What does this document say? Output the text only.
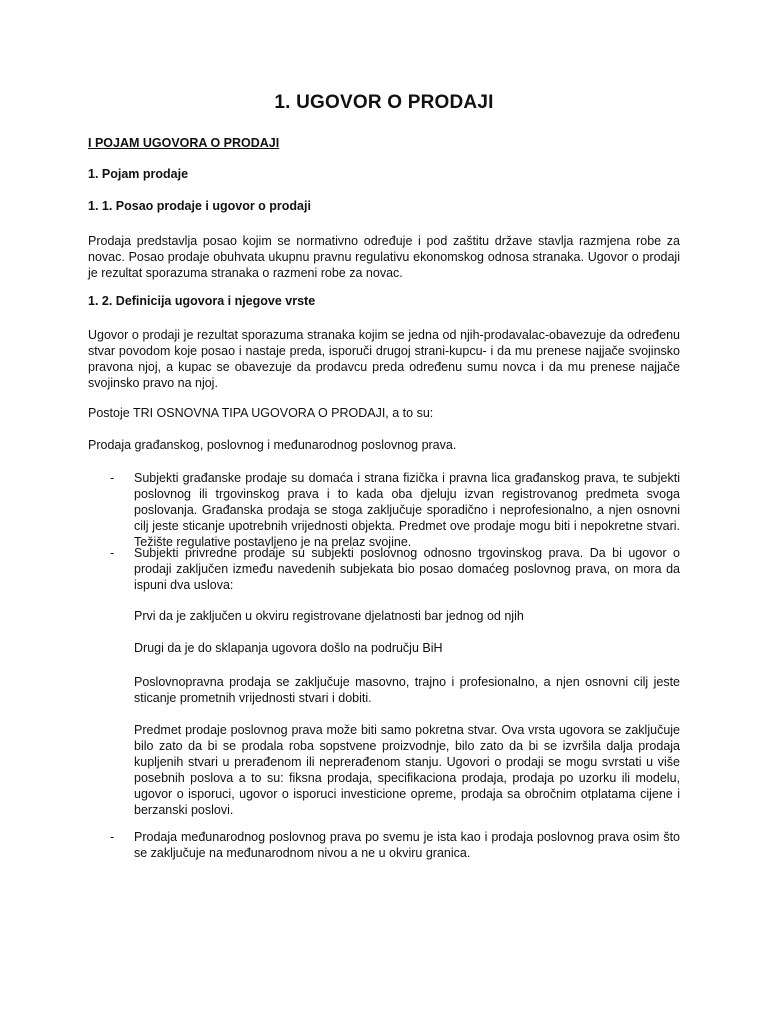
1. UGOVOR O PRODAJI

I POJAM UGOVORA O PRODAJI

1. Pojam prodaje

1. 1. Posao prodaje i ugovor o prodaji

Prodaja predstavlja posao kojim se normativno određuje i pod zaštitu države stavlja razmjena robe za novac. Posao prodaje obuhvata ukupnu pravnu regulativu ekonomskog odnosa stranaka. Ugovor o prodaji je rezultat sporazuma stranaka o razmeni robe za novac.

1. 2. Definicija ugovora i njegove vrste

Ugovor o prodaji je rezultat sporazuma stranaka kojim se jedna od njih-prodavalac-obavezuje da određenu stvar povodom koje posao i nastaje preda, isporuči drugoj strani-kupcu- i da mu prenese najjače svojinsko pravona njoj, a kupac se obavezuje da prodavcu preda određenu sumu novca i da mu prenese najjače svojinsko pravo na njoj.

Postoje TRI OSNOVNA TIPA UGOVORA O PRODAJI, a to su:

Prodaja građanskog, poslovnog i međunarodnog poslovnog prava.

- Subjekti građanske prodaje su domaća i strana fizička i pravna lica građanskog prava, te subjekti poslovnog ili trgovinskog prava i to kada oba djeluju izvan registrovanog predmeta svoga poslovanja. Građanska prodaja se stoga zaključuje sporadično i neprofesionalno, a njen osnovni cilj jeste sticanje upotrebnih vrijednosti objekta. Predmet ove prodaje mogu biti i nepokretne stvari. Težište regulative postavljeno je na prelaz svojine.

- Subjekti privredne prodaje su subjekti poslovnog odnosno trgovinskog prava. Da bi ugovor o prodaji zaključen između navedenih subjekata bio posao domaćeg poslovnog prava, on mora da ispuni dva uslova:

Prvi da je zaključen u okviru registrovane djelatnosti bar jednog od njih

Drugi da je do sklapanja ugovora došlo na području BiH

Poslovnopravna prodaja se zaključuje masovno, trajno i profesionalno, a njen osnovni cilj jeste sticanje prometnih vrijednosti stvari i dobiti.

Predmet prodaje poslovnog prava može biti samo pokretna stvar. Ova vrsta ugovora se zaključuje bilo zato da bi se prodala roba sopstvene proizvodnje, bilo zato da bi se izvršila dalja prodaja kupljenih stvari u prerađenom ili neprerađenom stanju. Ugovori o prodaji se mogu svrstati u više posebnih poslova a to su: fiksna prodaja, specifikaciona prodaja, prodaja po uzorku ili modelu, ugovor o isporuci, ugovor o isporuci investicione opreme, prodaja sa obročnim otplatama cijene i berzanski poslovi.

- Prodaja međunarodnog poslovnog prava po svemu je ista kao i prodaja poslovnog prava osim što se zaključuje na međunarodnom nivou a ne u okviru granica.
